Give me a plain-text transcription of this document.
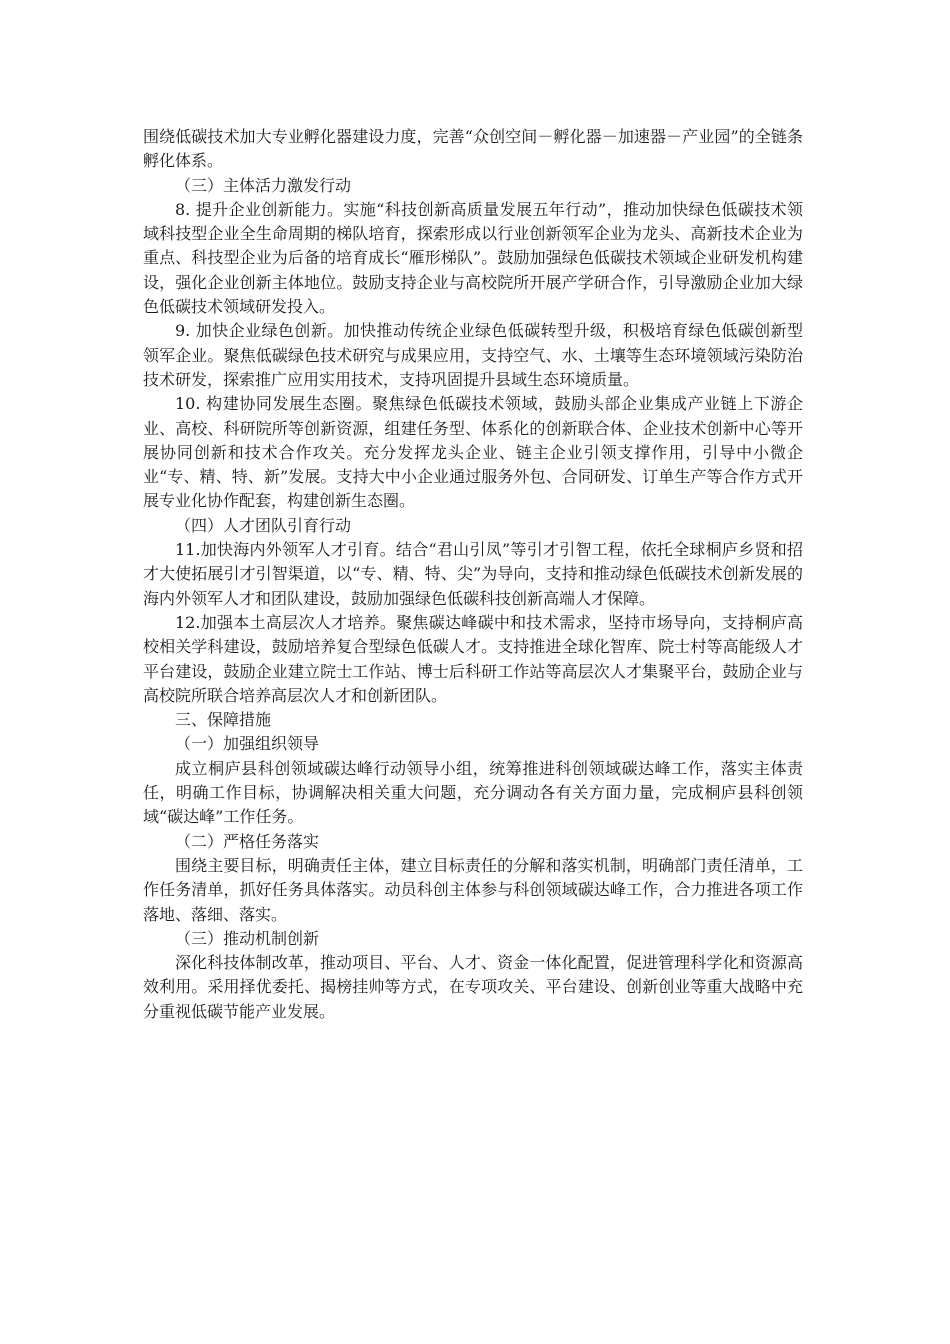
围绕低碳技术加大专业孵化器建设力度，完善“众创空间－孵化器－加速器－产业园”的全链条孵化体系。

（三）主体活力激发行动

8. 提升企业创新能力。实施“科技创新高质量发展五年行动”，推动加快绿色低碳技术领域科技型企业全生命周期的梯队培育，探索形成以行业创新领军企业为龙头、高新技术企业为重点、科技型企业为后备的培育成长“雁形梯队”。鼓励加强绿色低碳技术领域企业研发机构建设，强化企业创新主体地位。鼓励支持企业与高校院所开展产学研合作，引导激励企业加大绿色低碳技术领域研发投入。

9. 加快企业绿色创新。加快推动传统企业绿色低碳转型升级，积极培育绿色低碳创新型领军企业。聚焦低碳绿色技术研究与成果应用，支持空气、水、土壤等生态环境领域污染防治技术研发，探索推广应用实用技术，支持巩固提升县域生态环境质量。

10. 构建协同发展生态圈。聚焦绿色低碳技术领域，鼓励头部企业集成产业链上下游企业、高校、科研院所等创新资源，组建任务型、体系化的创新联合体、企业技术创新中心等开展协同创新和技术合作攻关。充分发挥龙头企业、链主企业引领支撑作用，引导中小微企业“专、精、特、新”发展。支持大中小企业通过服务外包、合同研发、订单生产等合作方式开展专业化协作配套，构建创新生态圈。

（四）人才团队引育行动

11.加快海内外领军人才引育。结合“君山引凤”等引才引智工程，依托全球桐庐乡贤和招才大使拓展引才引智渠道，以“专、精、特、尖”为导向，支持和推动绿色低碳技术创新发展的海内外领军人才和团队建设，鼓励加强绿色低碳科技创新高端人才保障。

12.加强本土高层次人才培养。聚焦碳达峰碳中和技术需求，坚持市场导向，支持桐庐高校相关学科建设，鼓励培养复合型绿色低碳人才。支持推进全球化智库、院士村等高能级人才平台建设，鼓励企业建立院士工作站、博士后科研工作站等高层次人才集聚平台，鼓励企业与高校院所联合培养高层次人才和创新团队。

三、保障措施

（一）加强组织领导

成立桐庐县科创领域碳达峰行动领导小组，统筹推进科创领域碳达峰工作，落实主体责任，明确工作目标，协调解决相关重大问题，充分调动各有关方面力量，完成桐庐县科创领域“碳达峰”工作任务。

（二）严格任务落实

围绕主要目标，明确责任主体，建立目标责任的分解和落实机制，明确部门责任清单，工作任务清单，抓好任务具体落实。动员科创主体参与科创领域碳达峰工作，合力推进各项工作落地、落细、落实。

（三）推动机制创新

深化科技体制改革，推动项目、平台、人才、资金一体化配置，促进管理科学化和资源高效利用。采用择优委托、揭榜挂帅等方式，在专项攻关、平台建设、创新创业等重大战略中充分重视低碳节能产业发展。
